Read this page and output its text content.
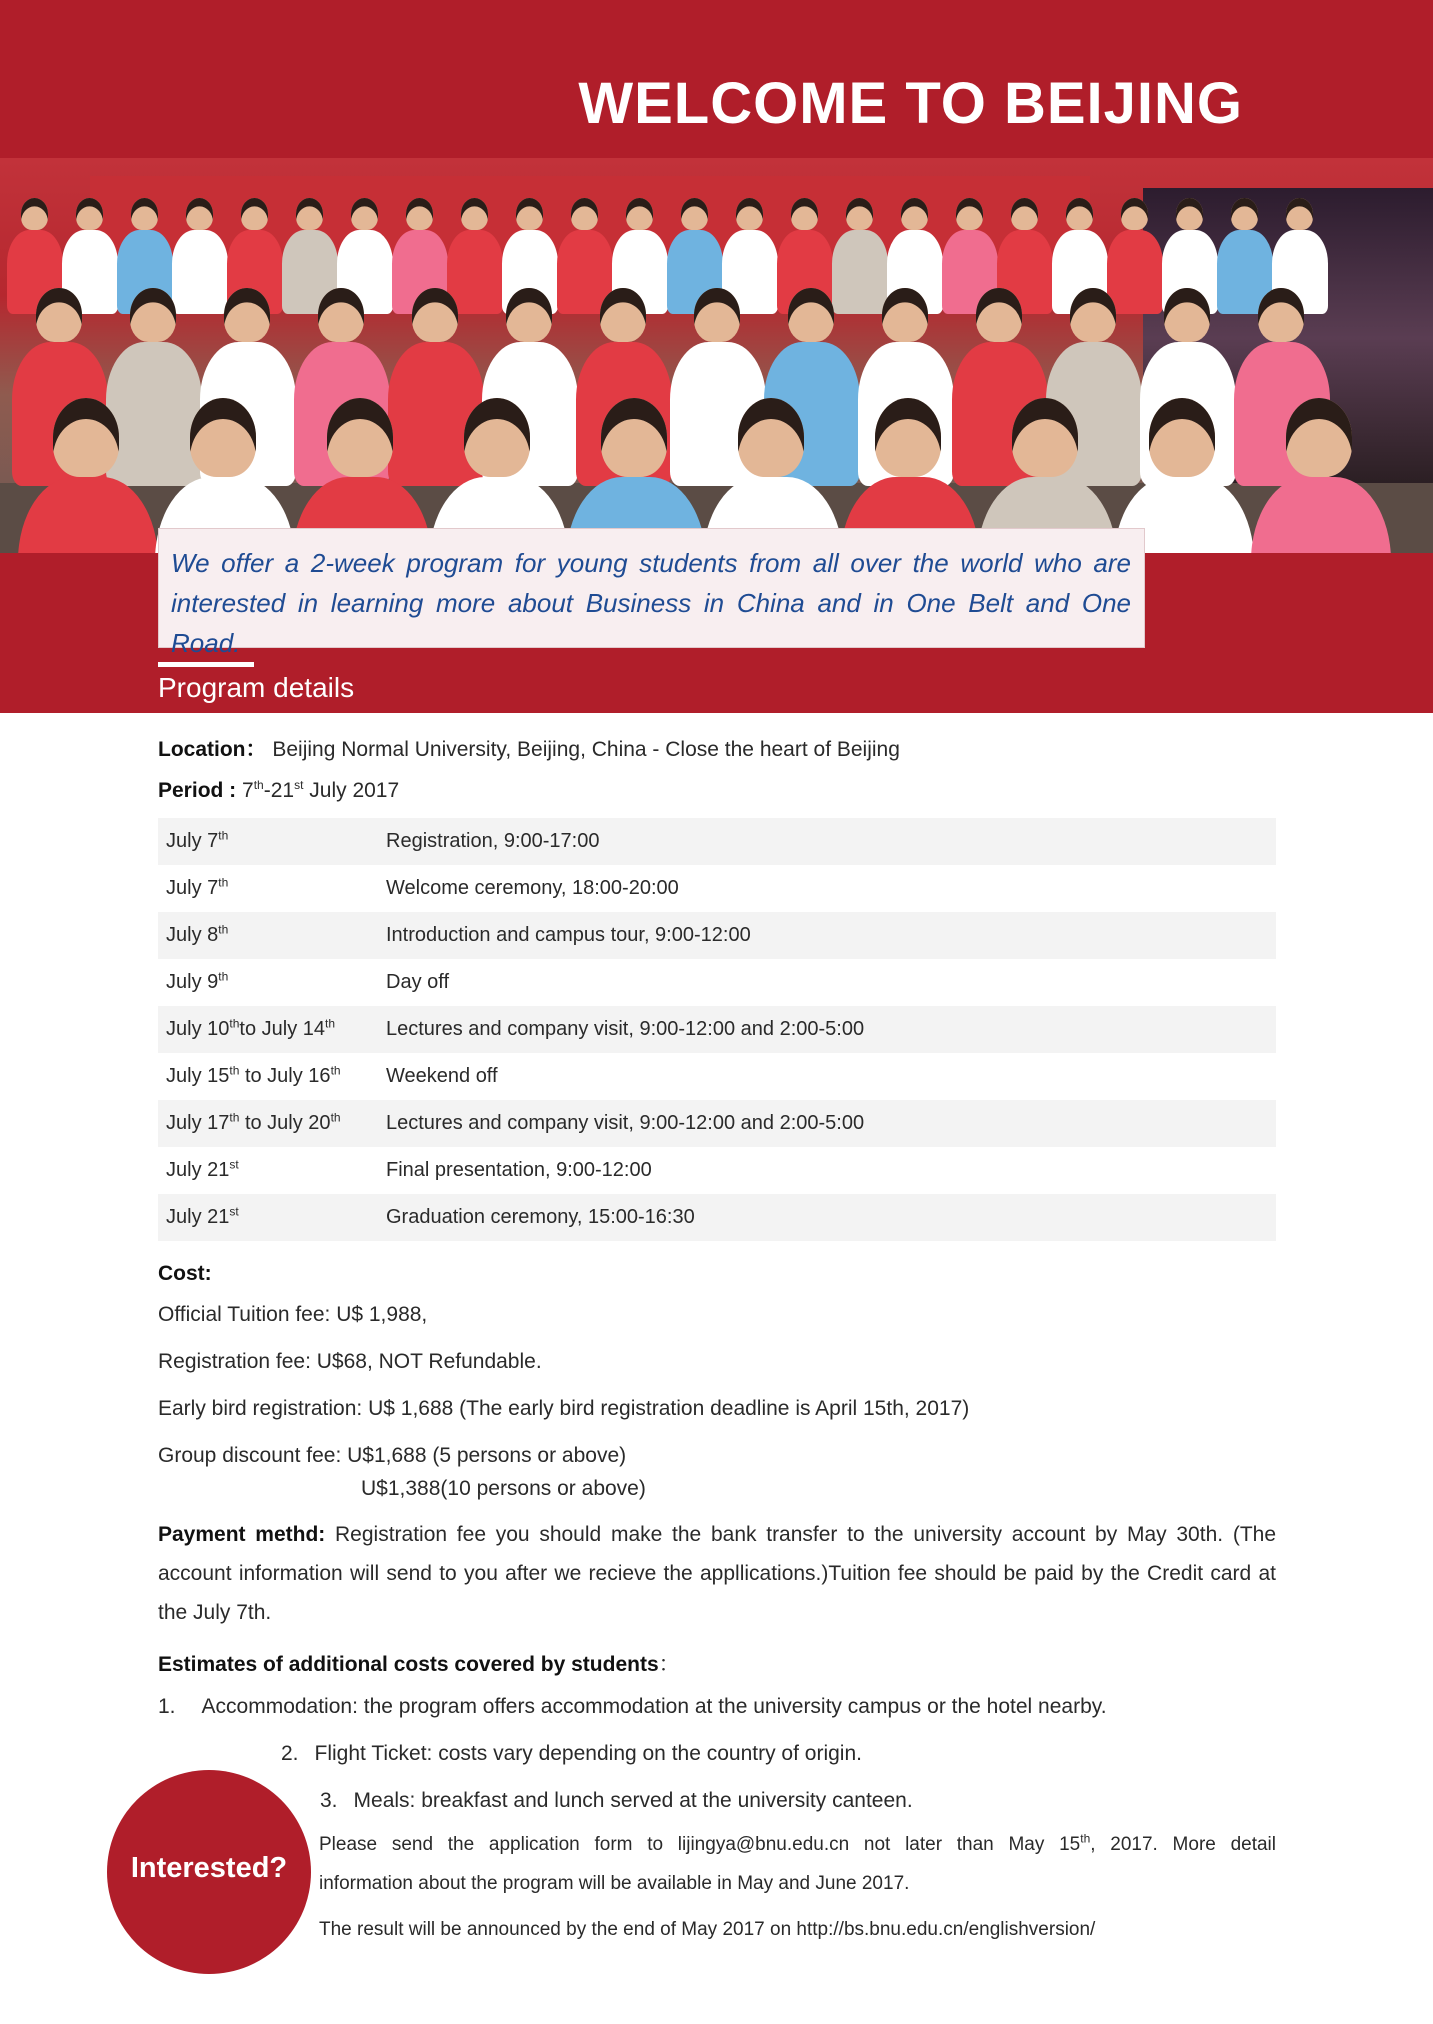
WELCOME TO BEIJING
We offer a 2-week program for young students from all over the world who are
interested in learning more about Business in China and in One Belt and One Road.
Program details
Location： Beijing Normal University, Beijing, China - Close the heart of Beijing
Period : 7th-21st July 2017
July 7th	Registration, 9:00-17:00
July 7th	Welcome ceremony, 18:00-20:00
July 8th	Introduction and campus tour, 9:00-12:00
July 9th	Day off
July 10thto July 14th	Lectures and company visit, 9:00-12:00 and 2:00-5:00
July 15th to July 16th Weekend off
July 17th to July 20th Lectures and company visit, 9:00-12:00 and 2:00-5:00
July 21st	Final presentation, 9:00-12:00
July 21st	Graduation ceremony, 15:00-16:30
Cost:
Official Tuition fee: U$ 1,988,
Registration fee: U$68, NOT Refundable.
Early bird registration: U$ 1,688 (The early bird registration deadline is April 15th, 2017)
Group discount fee: U$1,688 (5 persons or above)
U$1,388(10 persons or above)
Payment methd: Registration fee you should make the bank transfer to the university account by May 30th. (The account information will send to you after we recieve the appllications.)Tuition fee should be paid by the Credit card at the July 7th.
Estimates of additional costs covered by students：
1. Accommodation: the program offers accommodation at the university campus or the hotel nearby.
2. Flight Ticket: costs vary depending on the country of origin.
3. Meals: breakfast and lunch served at the university canteen.
Interested?
Please send the application form to lijingya@bnu.edu.cn not later than May 15th, 2017. More detail
information about the program will be available in May and June 2017.
The result will be announced by the end of May 2017 on http://bs.bnu.edu.cn/englishversion/
